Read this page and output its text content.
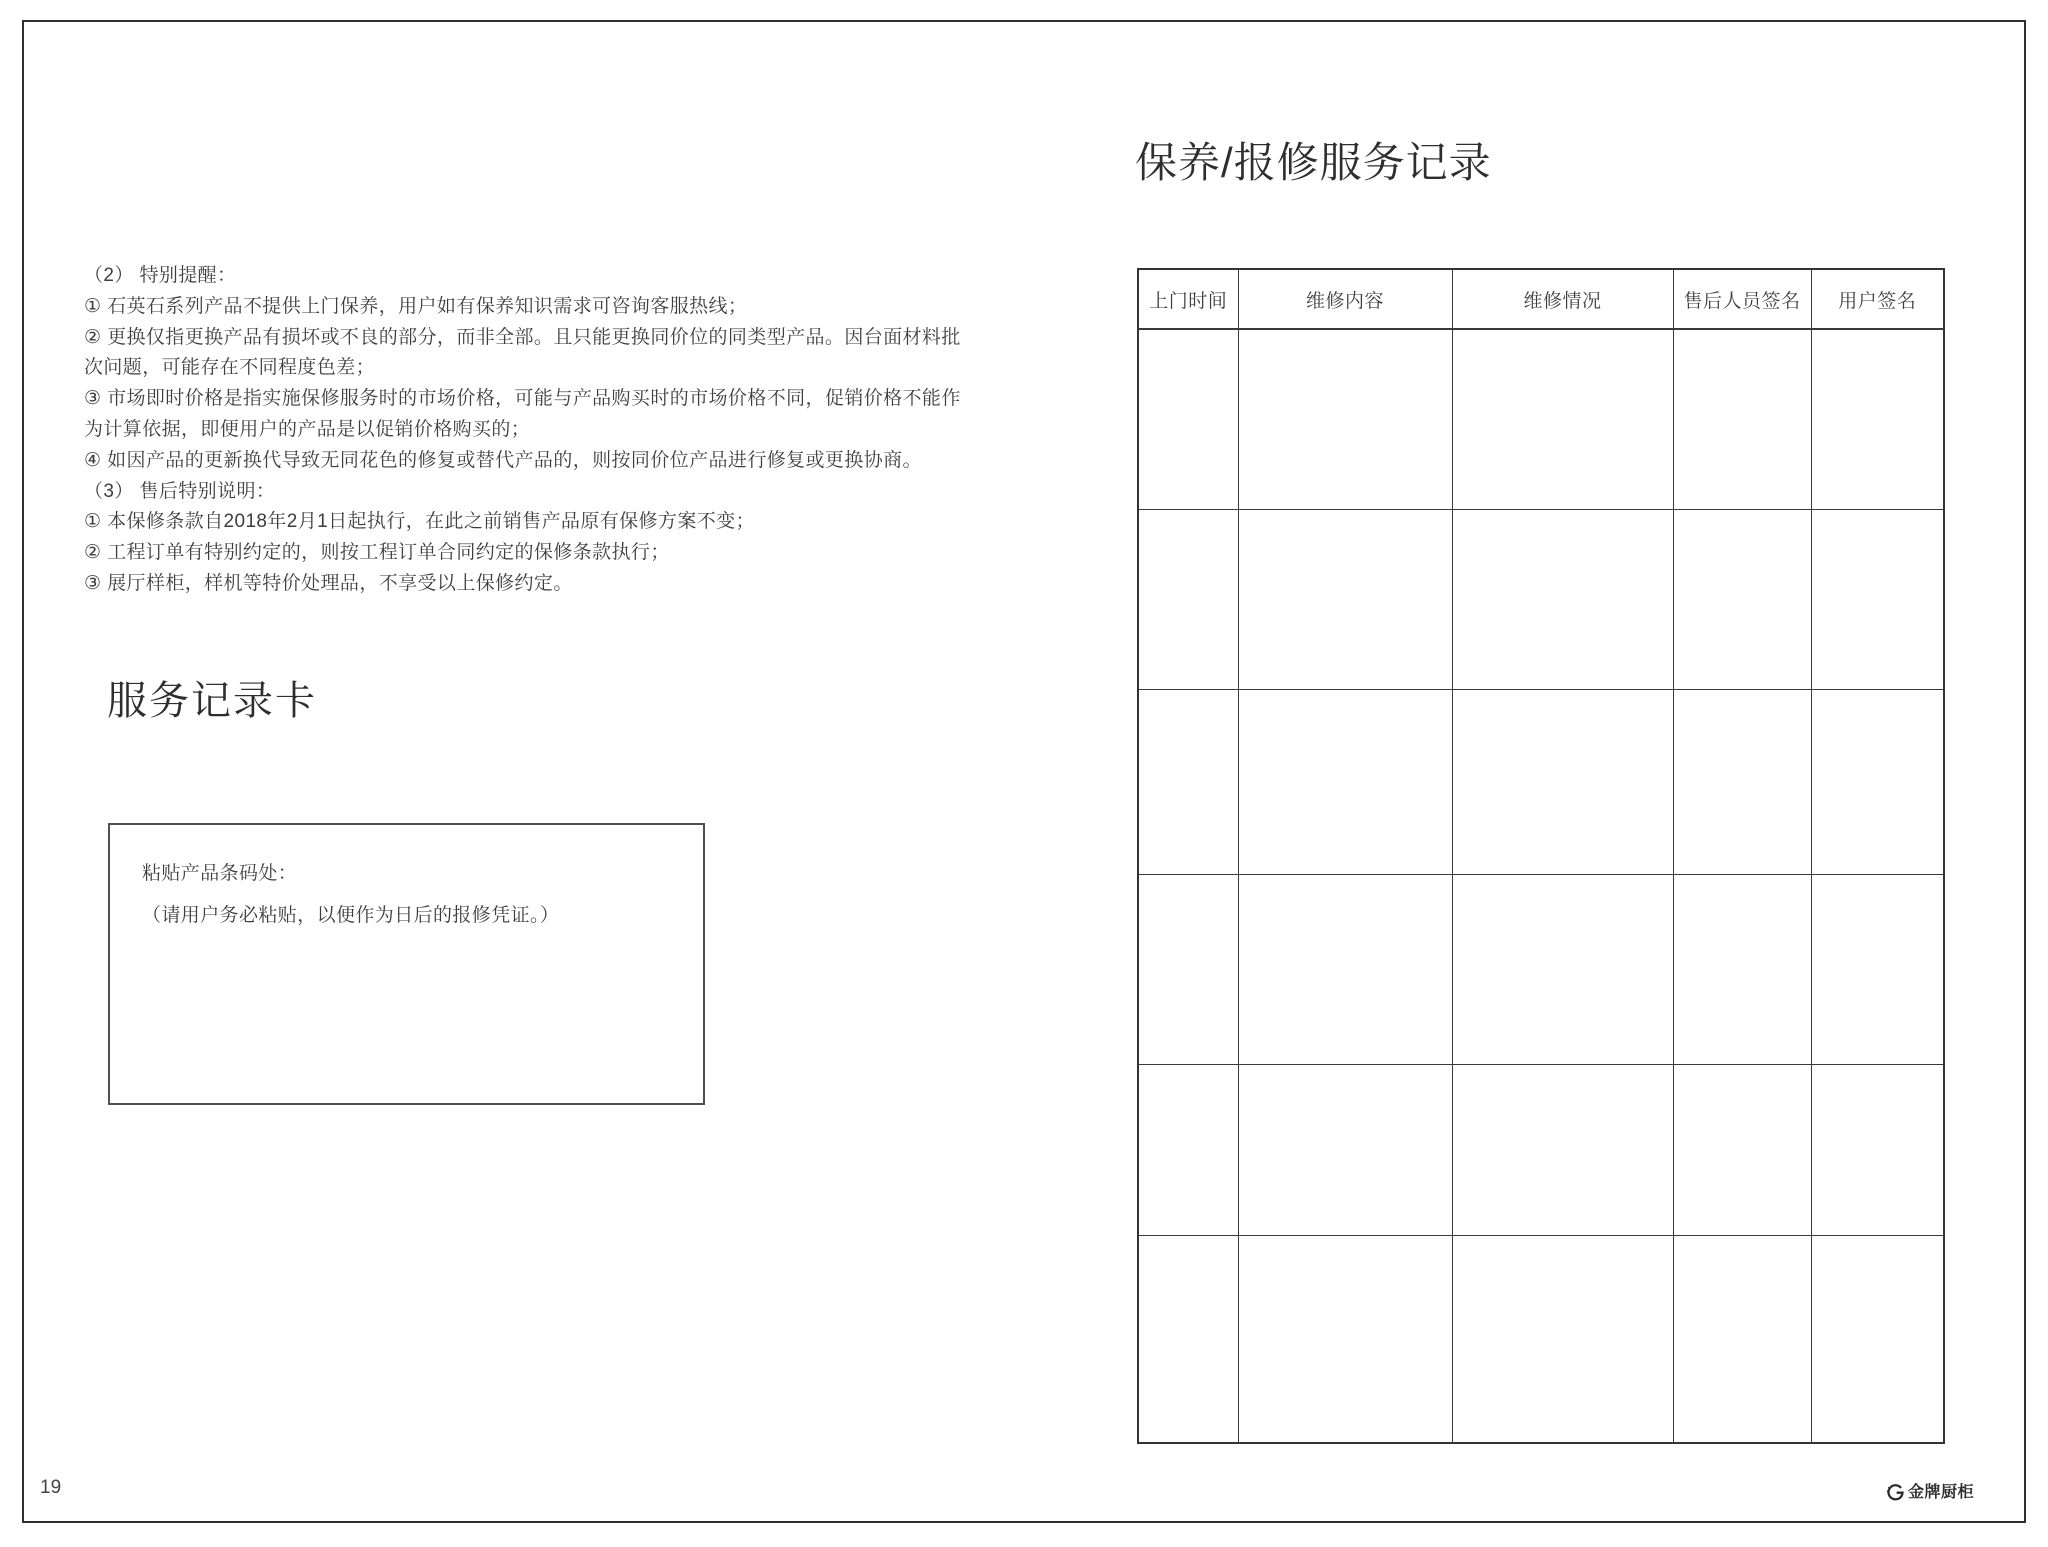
（2） 特别提醒：
① 石英石系列产品不提供上门保养，用户如有保养知识需求可咨询客服热线；
② 更换仅指更换产品有损坏或不良的部分，而非全部。且只能更换同价位的同类型产品。因台面材料批
次问题，可能存在不同程度色差；
③ 市场即时价格是指实施保修服务时的市场价格，可能与产品购买时的市场价格不同，促销价格不能作
为计算依据，即便用户的产品是以促销价格购买的；
④ 如因产品的更新换代导致无同花色的修复或替代产品的，则按同价位产品进行修复或更换协商。
（3） 售后特别说明：
① 本保修条款自2018年2月1日起执行，在此之前销售产品原有保修方案不变；
② 工程订单有特别约定的，则按工程订单合同约定的保修条款执行；
③ 展厅样柜，样机等特价处理品，不享受以上保修约定。
服务记录卡
粘贴产品条码处：
（请用户务必粘贴，以便作为日后的报修凭证。）
19
保养/报修服务记录
上门时间	维修内容	维修情况	售后人员签名	用户签名

金牌厨柜
